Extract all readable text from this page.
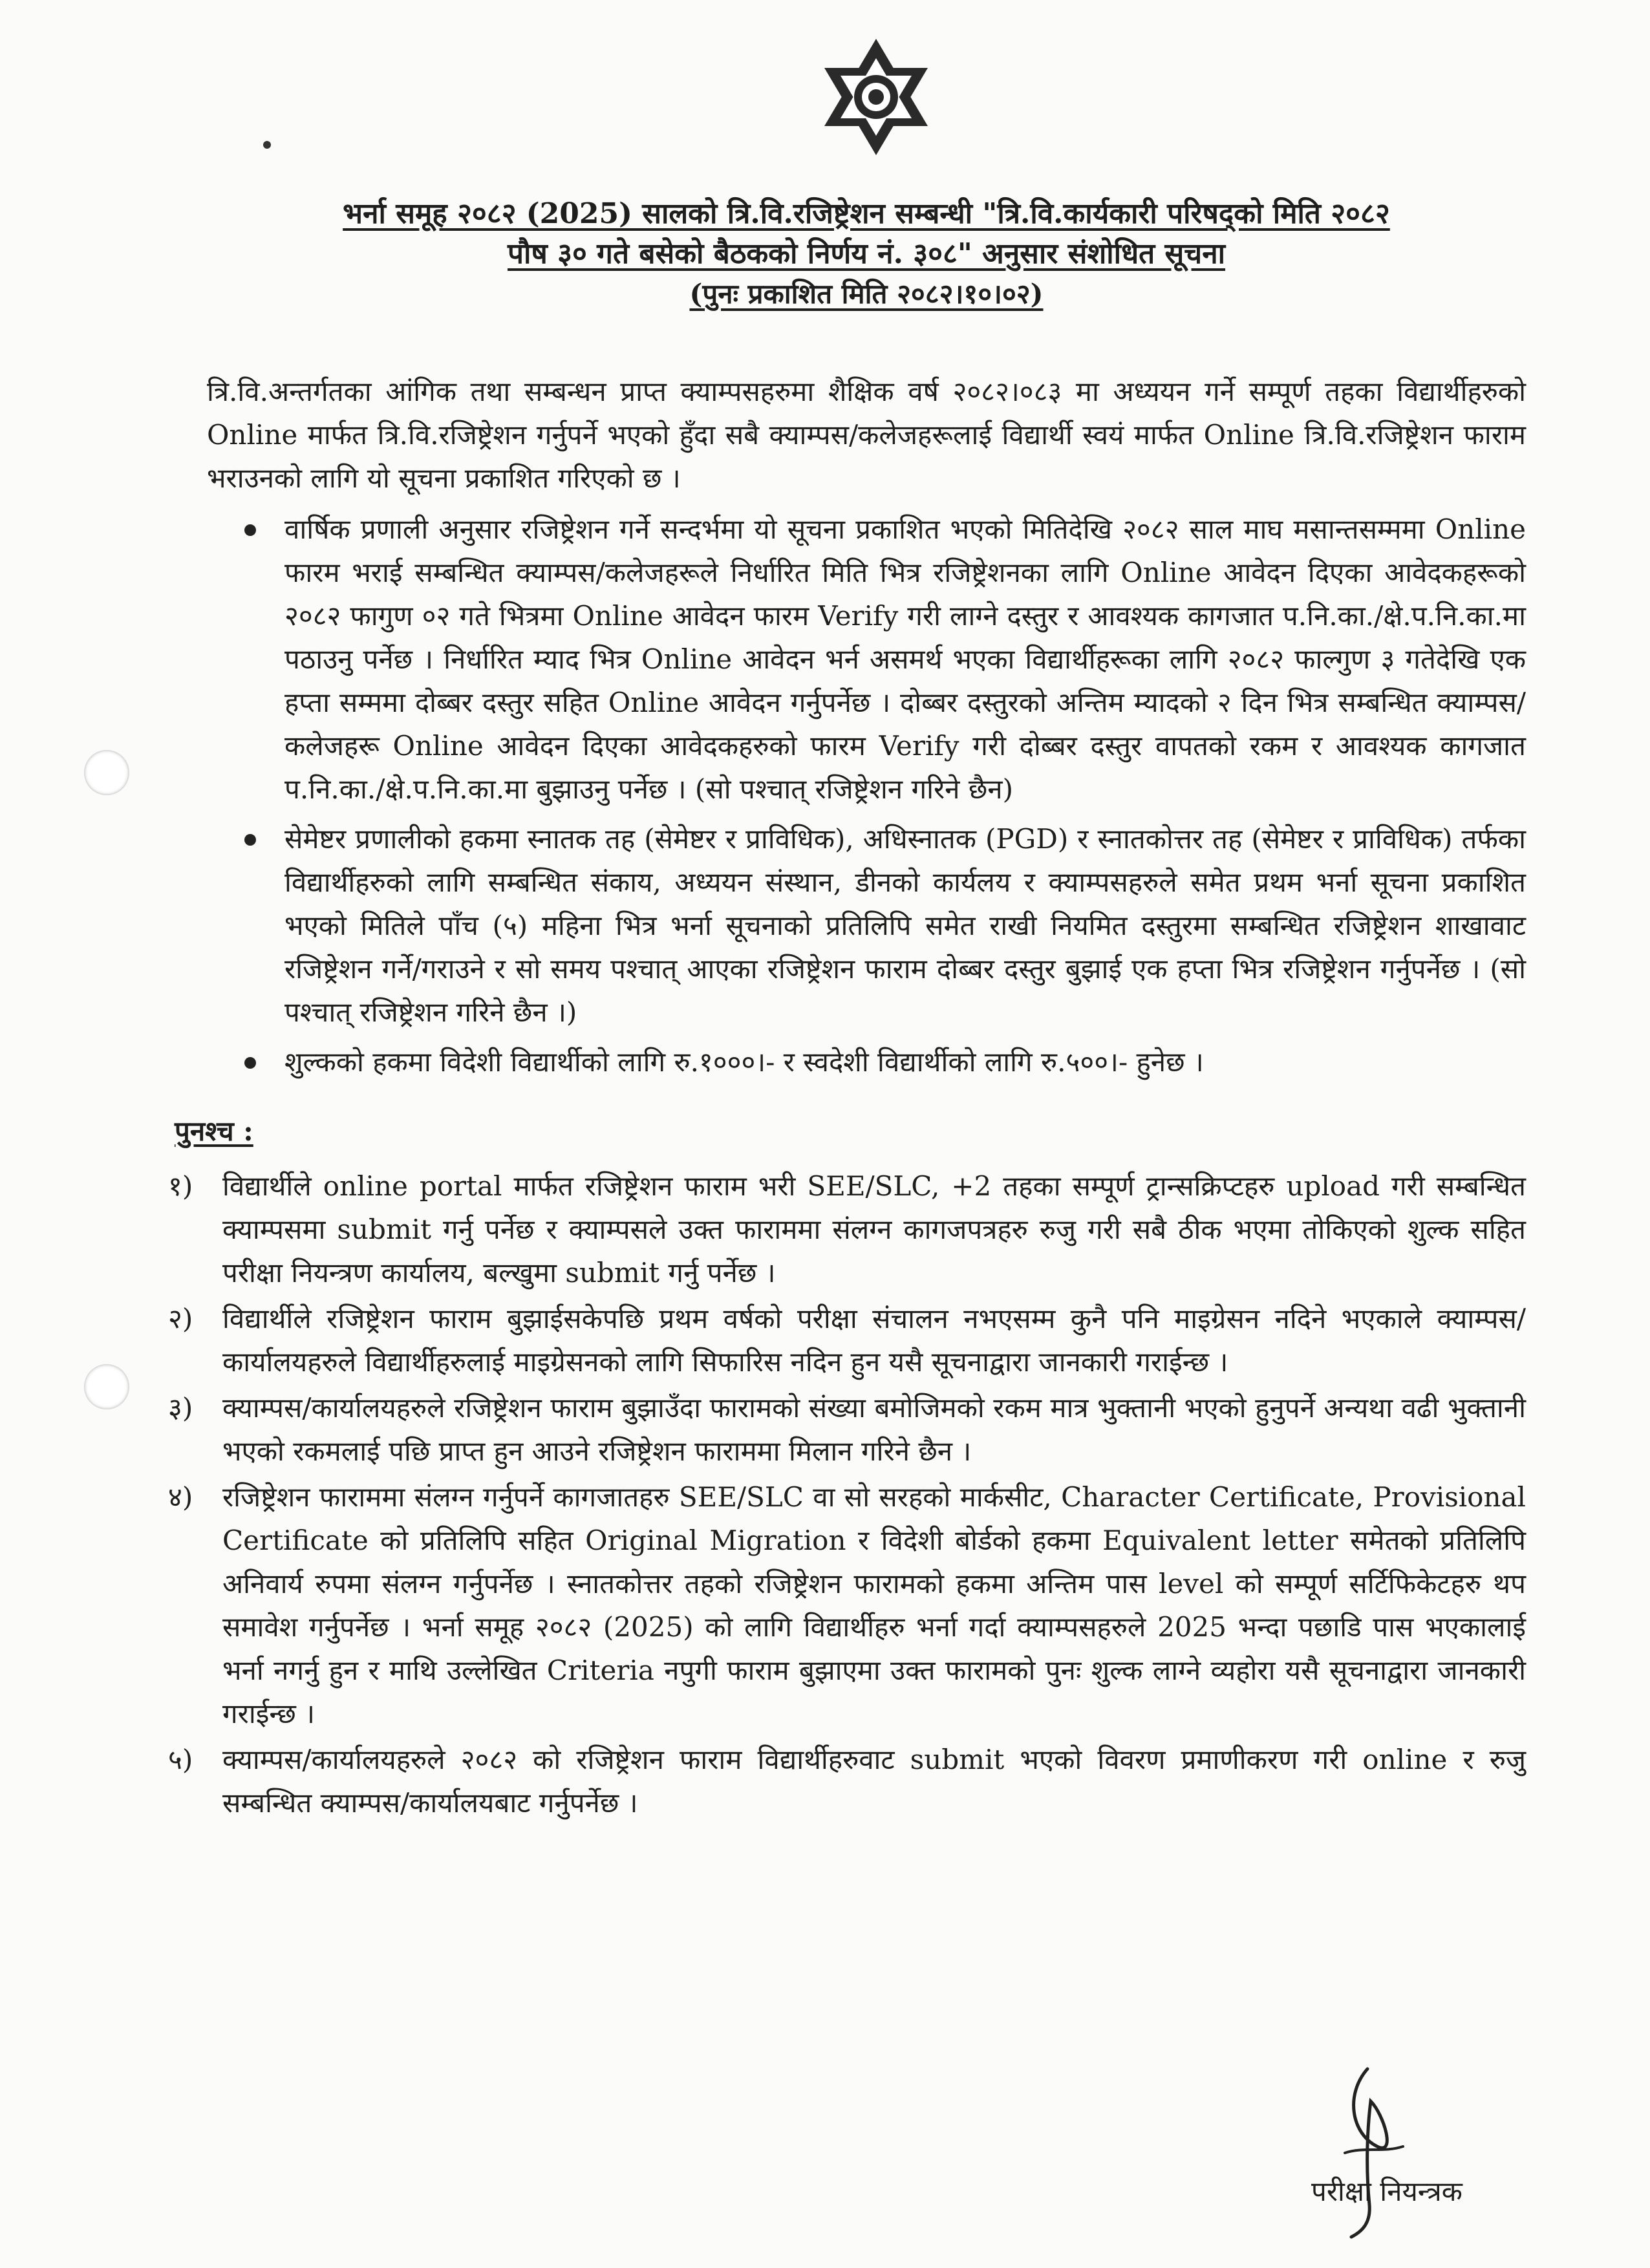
भर्ना समूह २०८२ (2025) सालको त्रि.वि.रजिष्ट्रेशन सम्बन्धी "त्रि.वि.कार्यकारी परिषद्को मिति २०८२
पौष ३० गते बसेको बैठकको निर्णय नं. ३०८" अनुसार संशोधित सूचना
(पुनः प्रकाशित मिति २०८२।१०।०२)

त्रि.वि.अन्तर्गतका आंगिक तथा सम्बन्धन प्राप्त क्याम्पसहरुमा शैक्षिक वर्ष २०८२।०८३ मा अध्ययन गर्ने सम्पूर्ण तहका विद्यार्थीहरुको Online मार्फत त्रि.वि.रजिष्ट्रेशन गर्नुपर्ने भएको हुँदा सबै क्याम्पस/कलेजहरूलाई विद्यार्थी स्वयं मार्फत Online त्रि.वि.रजिष्ट्रेशन फाराम भराउनको लागि यो सूचना प्रकाशित गरिएको छ ।

वार्षिक प्रणाली अनुसार रजिष्ट्रेशन गर्ने सन्दर्भमा यो सूचना प्रकाशित भएको मितिदेखि २०८२ साल माघ मसान्तसम्ममा Online फारम भराई सम्बन्धित क्याम्पस/कलेजहरूले निर्धारित मिति भित्र रजिष्ट्रेशनका लागि Online आवेदन दिएका आवेदकहरूको २०८२ फागुण ०२ गते भित्रमा Online आवेदन फारम Verify गरी लाग्ने दस्तुर र आवश्यक कागजात प.नि.का./क्षे.प.नि.का.मा पठाउनु पर्नेछ । निर्धारित म्याद भित्र Online आवेदन भर्न असमर्थ भएका विद्यार्थीहरूका लागि २०८२ फाल्गुण ३ गतेदेखि एक हप्ता सम्ममा दोब्बर दस्तुर सहित Online आवेदन गर्नुपर्नेछ । दोब्बर दस्तुरको अन्तिम म्यादको २ दिन भित्र सम्बन्धित क्याम्पस/कलेजहरू Online आवेदन दिएका आवेदकहरुको फारम Verify गरी दोब्बर दस्तुर वापतको रकम र आवश्यक कागजात प.नि.का./क्षे.प.नि.का.मा बुझाउनु पर्नेछ । (सो पश्चात् रजिष्ट्रेशन गरिने छैन)
सेमेष्टर प्रणालीको हकमा स्नातक तह (सेमेष्टर र प्राविधिक), अधिस्नातक (PGD) र स्नातकोत्तर तह (सेमेष्टर र प्राविधिक) तर्फका विद्यार्थीहरुको लागि सम्बन्धित संकाय, अध्ययन संस्थान, डीनको कार्यलय र क्याम्पसहरुले समेत प्रथम भर्ना सूचना प्रकाशित भएको मितिले पाँच (५) महिना भित्र भर्ना सूचनाको प्रतिलिपि समेत राखी नियमित दस्तुरमा सम्बन्धित रजिष्ट्रेशन शाखावाट रजिष्ट्रेशन गर्ने/गराउने र सो समय पश्चात् आएका रजिष्ट्रेशन फाराम दोब्बर दस्तुर बुझाई एक हप्ता भित्र रजिष्ट्रेशन गर्नुपर्नेछ । (सो पश्चात् रजिष्ट्रेशन गरिने छैन ।)
शुल्कको हकमा विदेशी विद्यार्थीको लागि रु.१०००।- र स्वदेशी विद्यार्थीको लागि रु.५००।- हुनेछ ।
पुनश्च :
१)	विद्यार्थीले online portal मार्फत रजिष्ट्रेशन फाराम भरी SEE/SLC, +2 तहका सम्पूर्ण ट्रान्सक्रिप्टहरु upload गरी सम्बन्धित क्याम्पसमा submit गर्नु पर्नेछ र क्याम्पसले उक्त फाराममा संलग्न कागजपत्रहरु रुजु गरी सबै ठीक भएमा तोकिएको शुल्क सहित परीक्षा नियन्त्रण कार्यालय, बल्खुमा submit गर्नु पर्नेछ ।
२)	विद्यार्थीले रजिष्ट्रेशन फाराम बुझाईसकेपछि प्रथम वर्षको परीक्षा संचालन नभएसम्म कुनै पनि माइग्रेसन नदिने भएकाले क्याम्पस/कार्यालयहरुले विद्यार्थीहरुलाई माइग्रेसनको लागि सिफारिस नदिन हुन यसै सूचनाद्वारा जानकारी गराईन्छ ।
३)	क्याम्पस/कार्यालयहरुले रजिष्ट्रेशन फाराम बुझाउँदा फारामको संख्या बमोजिमको रकम मात्र भुक्तानी भएको हुनुपर्ने अन्यथा वढी भुक्तानी भएको रकमलाई पछि प्राप्त हुन आउने रजिष्ट्रेशन फाराममा मिलान गरिने छैन ।
४)	रजिष्ट्रेशन फाराममा संलग्न गर्नुपर्ने कागजातहरु SEE/SLC वा सो सरहको मार्कसीट, Character Certificate, Provisional Certificate को प्रतिलिपि सहित Original Migration र विदेशी बोर्डको हकमा Equivalent letter समेतको प्रतिलिपि अनिवार्य रुपमा संलग्न गर्नुपर्नेछ । स्नातकोत्तर तहको रजिष्ट्रेशन फारामको हकमा अन्तिम पास level को सम्पूर्ण सर्टिफिकेटहरु थप समावेश गर्नुपर्नेछ । भर्ना समूह २०८२ (2025) को लागि विद्यार्थीहरु भर्ना गर्दा क्याम्पसहरुले 2025 भन्दा पछाडि पास भएकालाई भर्ना नगर्नु हुन र माथि उल्लेखित Criteria नपुगी फाराम बुझाएमा उक्त फारामको पुनः शुल्क लाग्ने व्यहोरा यसै सूचनाद्वारा जानकारी गराईन्छ ।
५)	क्याम्पस/कार्यालयहरुले २०८२ को रजिष्ट्रेशन फाराम विद्यार्थीहरुवाट submit भएको विवरण प्रमाणीकरण गरी online र रुजु सम्बन्धित क्याम्पस/कार्यालयबाट गर्नुपर्नेछ ।
परीक्षा नियन्त्रक
